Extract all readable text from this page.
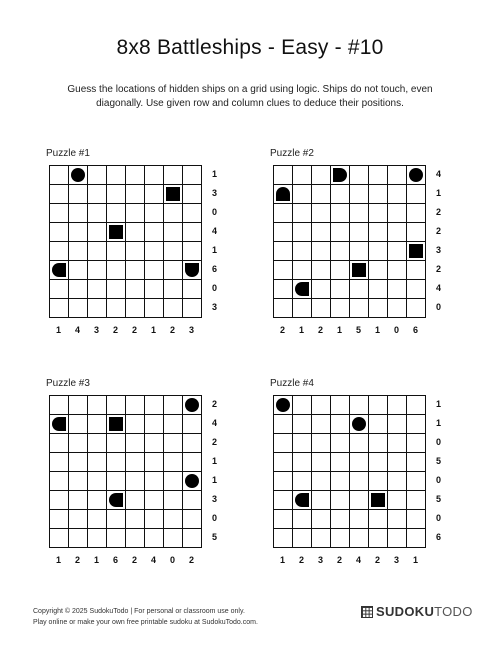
8x8 Battleships - Easy - #10
Guess the locations of hidden ships on a grid using logic. Ships do not touch, even diagonally. Use given row and column clues to deduce their positions.
Puzzle #1
1
3
0
4
1
6
0
3
1	4	3	2	2	1	2	3
Puzzle #2
4
1
2
2
3
2
4
0
2	1	2	1	5	1	0	6
Puzzle #3
2
4
2
1
1
3
0
5
1	2	1	6	2	4	0	2
Puzzle #4
1
1
0
5
0
5
0
6
1	2	3	2	4	2	3	1
Copyright © 2025 SudokuTodo | For personal or classroom use only.
Play online or make your own free printable sudoku at SudokuTodo.com.
SUDOKUTODO
